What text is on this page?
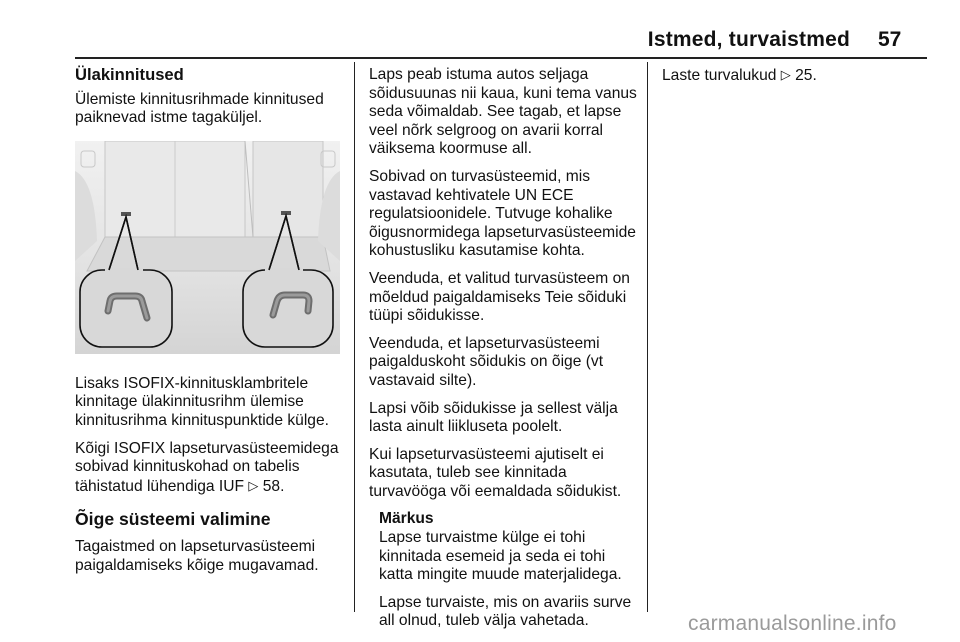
Istmed, turvaistmed 57
Ülakinnitused

Ülemiste kinnitusrihmade kinnitused paiknevad istme tagaküljel.

Lisaks ISOFIX-kinnitusklambritele kinnitage ülakinnitusrihm ülemise kinnitusrihma kinnituspunktide külge.

Kõigi ISOFIX lapseturvasüsteemidega sobivad kinnituskohad on tabelis tähistatud lühendiga IUF ▷ 58.

Õige süsteemi valimine

Tagaistmed on lapseturvasüsteemi paigaldamiseks kõige mugavamad.

Laps peab istuma autos seljaga sõidusuunas nii kaua, kuni tema vanus seda võimaldab. See tagab, et lapse veel nõrk selgroog on avarii korral väiksema koormuse all.

Sobivad on turvasüsteemid, mis vastavad kehtivatele UN ECE regulatsioonidele. Tutvuge kohalike õigusnormidega lapseturvasüsteemide kohustusliku kasutamise kohta.

Veenduda, et valitud turvasüsteem on mõeldud paigaldamiseks Teie sõiduki tüüpi sõidukisse.

Veenduda, et lapseturvasüsteemi paigalduskoht sõidukis on õige (vt vastavaid silte).

Lapsi võib sõidukisse ja sellest välja lasta ainult liikluseta poolelt.

Kui lapseturvasüsteemi ajutiselt ei kasutata, tuleb see kinnitada turvavööga või eemaldada sõidukist.

Märkus

Lapse turvaistme külge ei tohi kinnitada esemeid ja seda ei tohi katta mingite muude materjalidega.

Lapse turvaiste, mis on avariis surve all olnud, tuleb välja vahetada.

Laste turvalukud ▷ 25.

carmanualsonline.info
